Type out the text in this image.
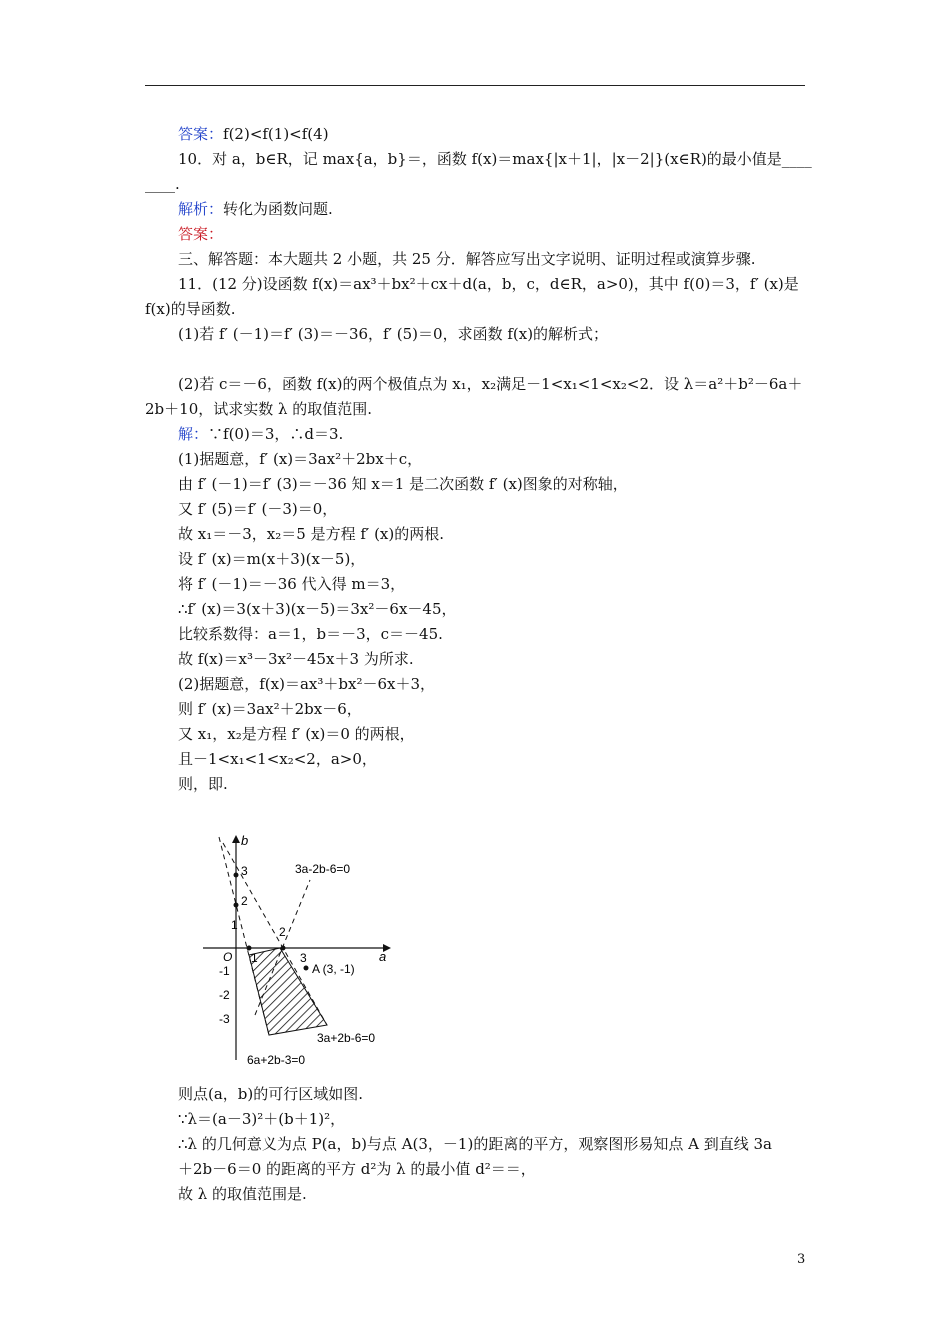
答案：f(2)<f(1)<f(4)
10．对 a，b∈R，记 max{a，b}＝，函数 f(x)＝max{|x＋1|，|x－2|}(x∈R)的最小值是____
____.
解析：转化为函数问题.
答案：
三、解答题：本大题共 2 小题，共 25 分．解答应写出文字说明、证明过程或演算步骤.
11．(12 分)设函数 f(x)＝ax³＋bx²＋cx＋d(a，b，c，d∈R，a>0)，其中 f(0)＝3，f′ (x)是
f(x)的导函数.
(1)若 f′ (－1)＝f′ (3)＝－36，f′ (5)＝0，求函数 f(x)的解析式；
(2)若 c＝－6，函数 f(x)的两个极值点为 x₁，x₂满足－1<x₁<1<x₂<2．设 λ＝a²＋b²－6a＋
2b＋10，试求实数 λ 的取值范围.
解：∵f(0)＝3，∴d＝3.
(1)据题意，f′ (x)＝3ax²＋2bx＋c，
由 f′ (－1)＝f′ (3)＝－36 知 x＝1 是二次函数 f′ (x)图象的对称轴，
又 f′ (5)＝f′ (－3)＝0，
故 x₁＝－3，x₂＝5 是方程 f′ (x)的两根.
设 f′ (x)＝m(x＋3)(x－5)，
将 f′ (－1)＝－36 代入得 m＝3，
∴f′ (x)＝3(x＋3)(x－5)＝3x²－6x－45，
比较系数得：a＝1，b＝－3，c＝－45.
故 f(x)＝x³－3x²－45x＋3 为所求.
(2)据题意，f(x)＝ax³＋bx²－6x＋3，
则 f′ (x)＝3ax²＋2bx－6，
又 x₁，x₂是方程 f′ (x)＝0 的两根，
且－1<x₁<1<x₂<2，a>0，
则，即.
则点(a，b)的可行区域如图.
∵λ＝(a－3)²＋(b＋1)²，
∴λ 的几何意义为点 P(a，b)与点 A(3，－1)的距离的平方，观察图形易知点 A 到直线 3a
＋2b－6＝0 的距离的平方 d²为 λ 的最小值 d²＝＝，
故 λ 的取值范围是.
b
a
O
3
2
1
-1
-2
-3
1
2
3
3a-2b-6=0
3a+2b-6=0
6a+2b-3=0
A (3, -1)
3
